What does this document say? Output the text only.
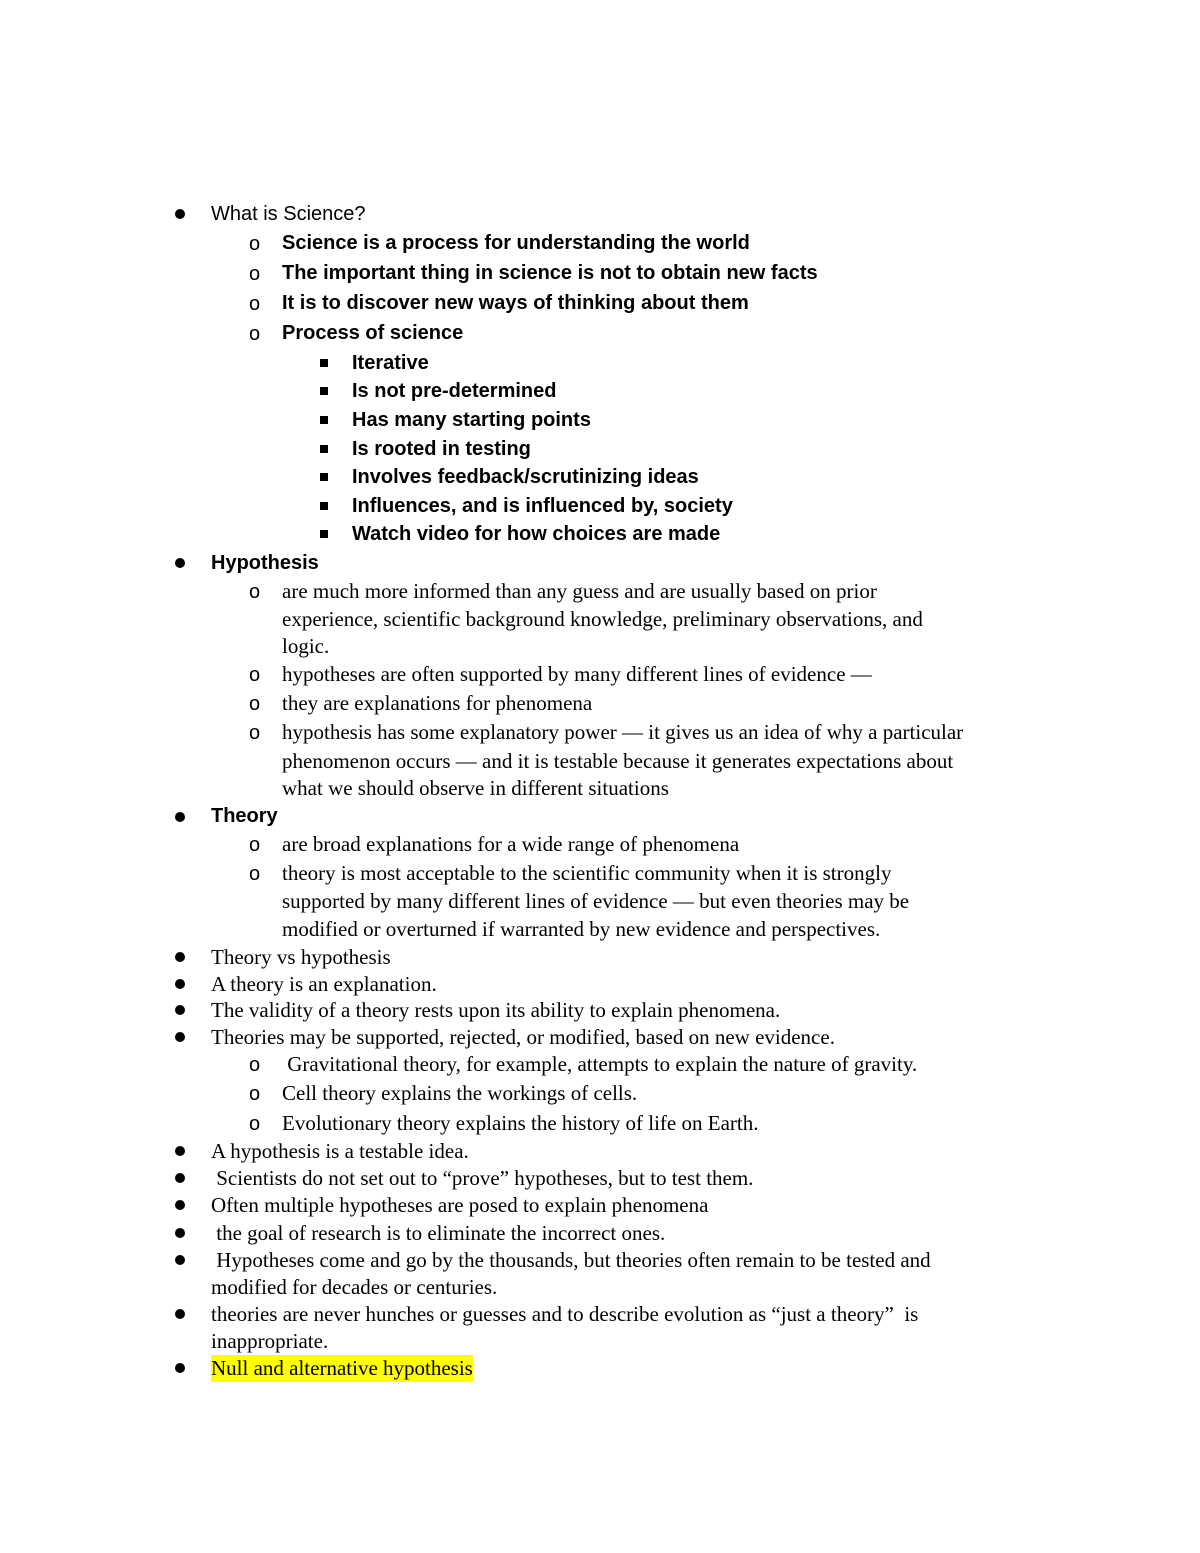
What is Science?
o Science is a process for understanding the world
o The important thing in science is not to obtain new facts
o It is to discover new ways of thinking about them
o Process of science
Iterative
Is not pre-determined
Has many starting points
Is rooted in testing
Involves feedback/scrutinizing ideas
Influences, and is influenced by, society
Watch video for how choices are made
Hypothesis
o are much more informed than any guess and are usually based on prior
experience, scientific background knowledge, preliminary observations, and
logic.
o hypotheses are often supported by many different lines of evidence —
o they are explanations for phenomena
o hypothesis has some explanatory power — it gives us an idea of why a particular
phenomenon occurs — and it is testable because it generates expectations about
what we should observe in different situations
Theory
o are broad explanations for a wide range of phenomena
o theory is most acceptable to the scientific community when it is strongly
supported by many different lines of evidence — but even theories may be
modified or overturned if warranted by new evidence and perspectives.
Theory vs hypothesis
A theory is an explanation.
The validity of a theory rests upon its ability to explain phenomena.
Theories may be supported, rejected, or modified, based on new evidence.
o Gravitational theory, for example, attempts to explain the nature of gravity.
o Cell theory explains the workings of cells.
o Evolutionary theory explains the history of life on Earth.
A hypothesis is a testable idea.
Scientists do not set out to “prove” hypotheses, but to test them.
Often multiple hypotheses are posed to explain phenomena
the goal of research is to eliminate the incorrect ones.
Hypotheses come and go by the thousands, but theories often remain to be tested and
modified for decades or centuries.
theories are never hunches or guesses and to describe evolution as “just a theory”  is
inappropriate.
Null and alternative hypothesis
